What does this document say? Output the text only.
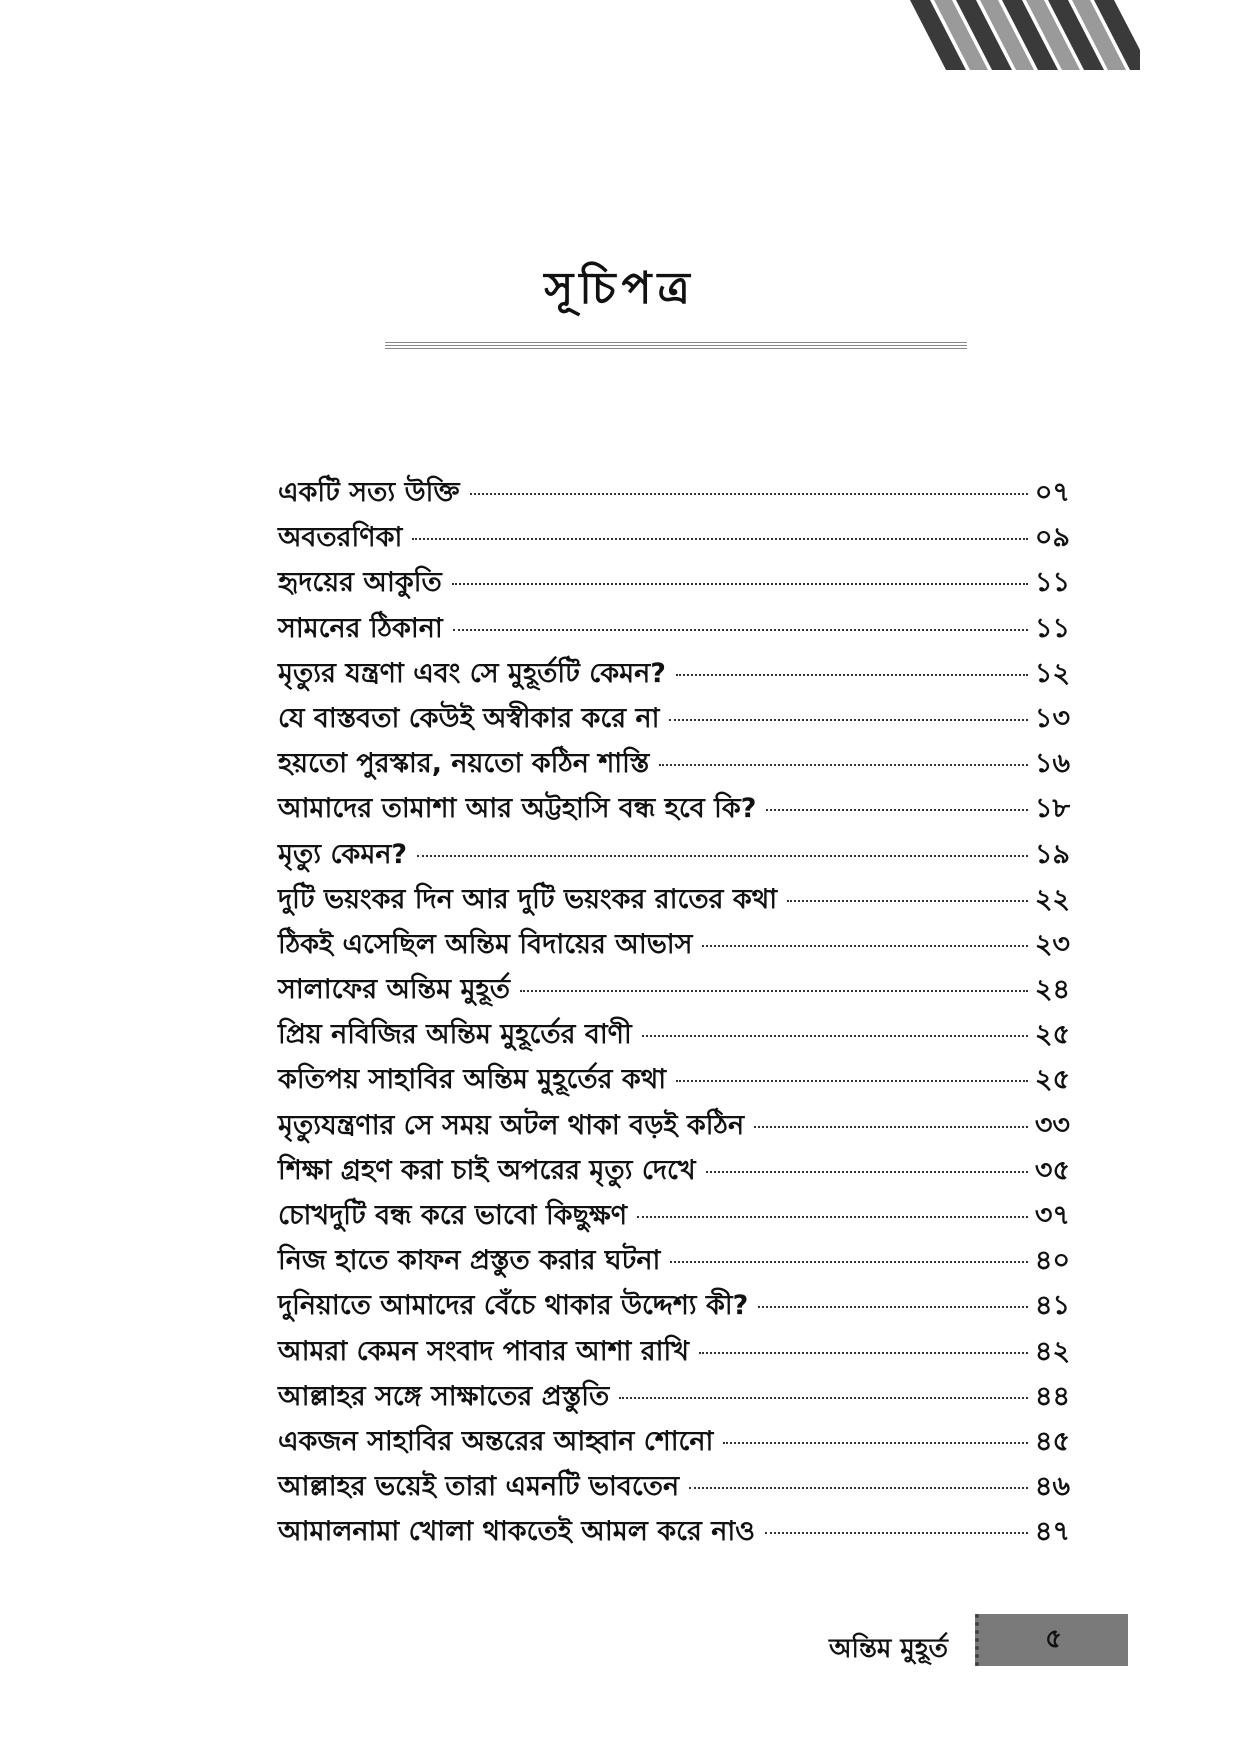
সূচিপত্র
একটি সত্য উক্তি	০৭
অবতরণিকা	০৯
হৃদয়ের আকুতি	১১
সামনের ঠিকানা	১১
মৃত্যুর যন্ত্রণা এবং সে মুহূর্তটি কেমন?	১২
যে বাস্তবতা কেউই অস্বীকার করে না	১৩
হয়তো পুরস্কার, নয়তো কঠিন শাস্তি	১৬
আমাদের তামাশা আর অট্টহাসি বন্ধ হবে কি?	১৮
মৃত্যু কেমন?	১৯
দুটি ভয়ংকর দিন আর দুটি ভয়ংকর রাতের কথা	২২
ঠিকই এসেছিল অন্তিম বিদায়ের আভাস	২৩
সালাফের অন্তিম মুহূর্ত	২৪
প্রিয় নবিজির অন্তিম মুহূর্তের বাণী	২৫
কতিপয় সাহাবির অন্তিম মুহূর্তের কথা	২৫
মৃত্যুযন্ত্রণার সে সময় অটল থাকা বড়ই কঠিন	৩৩
শিক্ষা গ্রহণ করা চাই অপরের মৃত্যু দেখে	৩৫
চোখদুটি বন্ধ করে ভাবো কিছুক্ষণ	৩৭
নিজ হাতে কাফন প্রস্তুত করার ঘটনা	৪০
দুনিয়াতে আমাদের বেঁচে থাকার উদ্দেশ্য কী?	৪১
আমরা কেমন সংবাদ পাবার আশা রাখি	৪২
আল্লাহর সঙ্গে সাক্ষাতের প্রস্তুতি	৪৪
একজন সাহাবির অন্তরের আহ্বান শোনো	৪৫
আল্লাহর ভয়েই তারা এমনটি ভাবতেন	৪৬
আমালনামা খোলা থাকতেই আমল করে নাও	৪৭
অন্তিম মুহূর্ত	৫
